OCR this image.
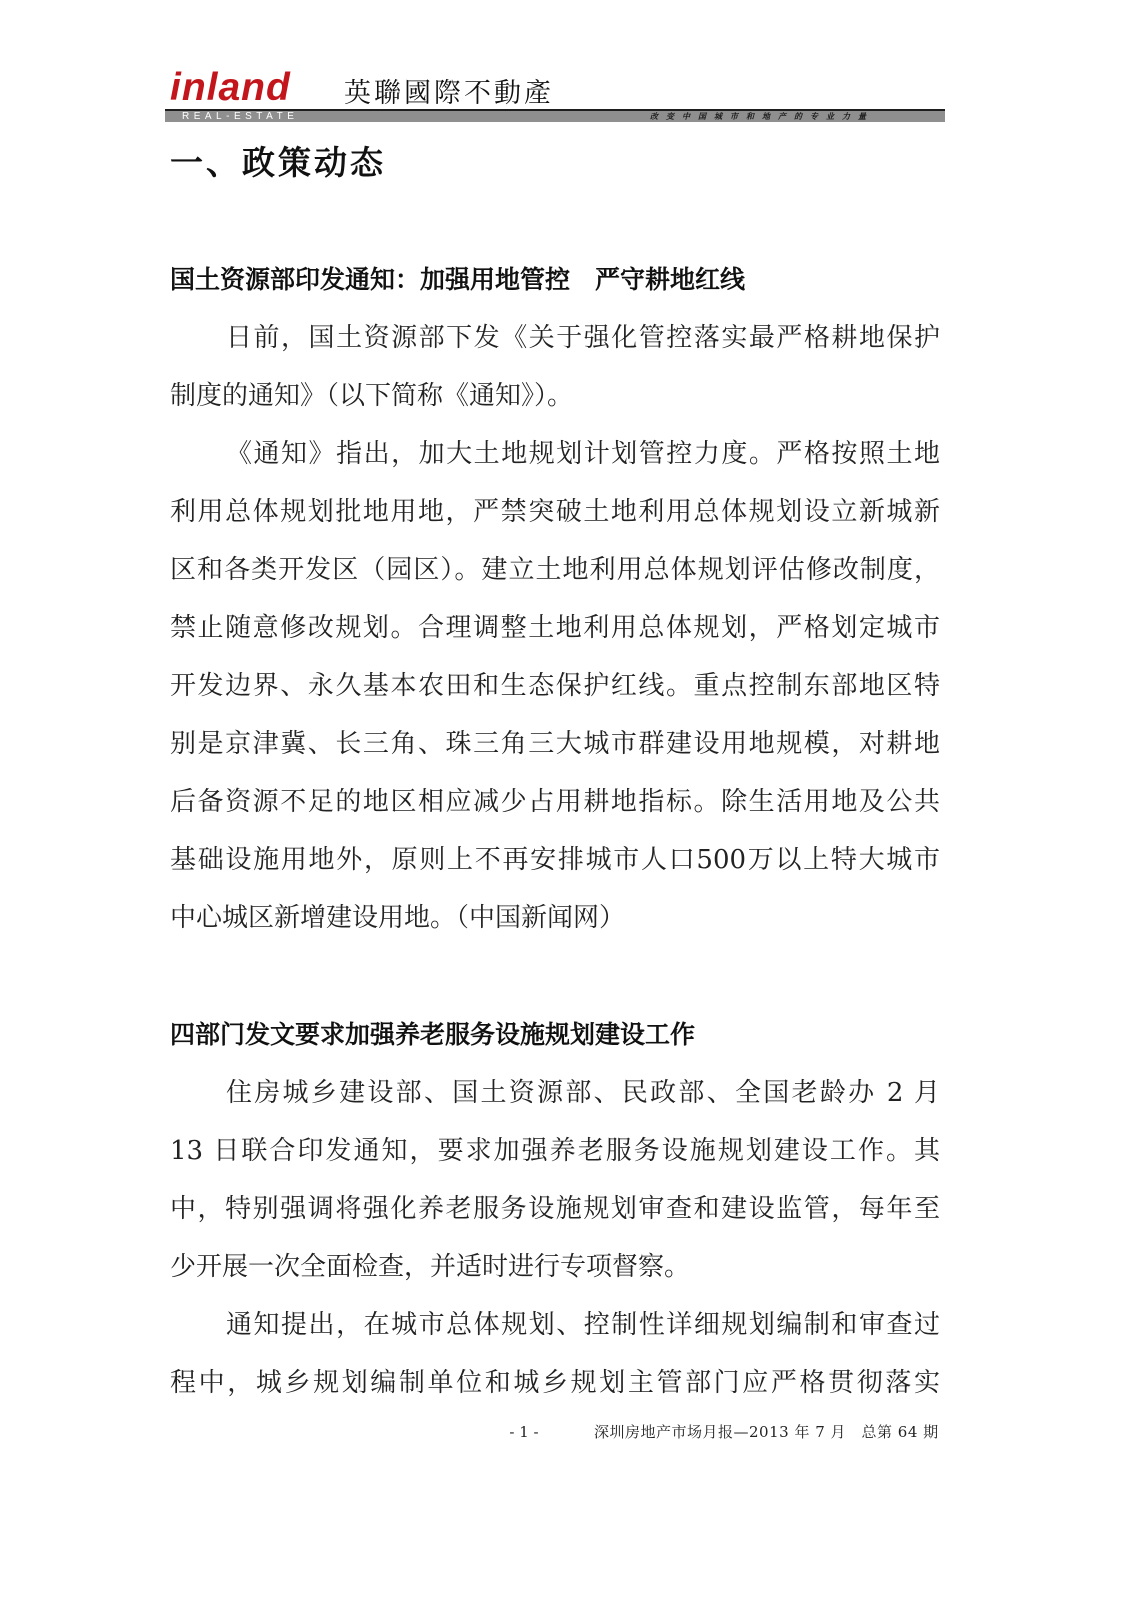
inland 英聯國際不動產
REAL-ESTATE	改变中国城市和地产的专业力量
一、政策动态
国土资源部印发通知：加强用地管控　严守耕地红线
日前，国土资源部下发《关于强化管控落实最严格耕地保护
制度的通知》（以下简称《通知》）。
《通知》指出，加大土地规划计划管控力度。严格按照土地
利用总体规划批地用地，严禁突破土地利用总体规划设立新城新
区和各类开发区（园区）。建立土地利用总体规划评估修改制度，
禁止随意修改规划。合理调整土地利用总体规划，严格划定城市
开发边界、永久基本农田和生态保护红线。重点控制东部地区特
别是京津冀、长三角、珠三角三大城市群建设用地规模，对耕地
后备资源不足的地区相应减少占用耕地指标。除生活用地及公共
基础设施用地外，原则上不再安排城市人口500万以上特大城市
中心城区新增建设用地。（中国新闻网）
四部门发文要求加强养老服务设施规划建设工作
住房城乡建设部、国土资源部、民政部、全国老龄办 2 月
13 日联合印发通知，要求加强养老服务设施规划建设工作。其
中，特别强调将强化养老服务设施规划审查和建设监管，每年至
少开展一次全面检查，并适时进行专项督察。
通知提出，在城市总体规划、控制性详细规划编制和审查过
程中，城乡规划编制单位和城乡规划主管部门应严格贯彻落实
- 1 -	深圳房地产市场月报—2013 年 7 月　总第 64 期
